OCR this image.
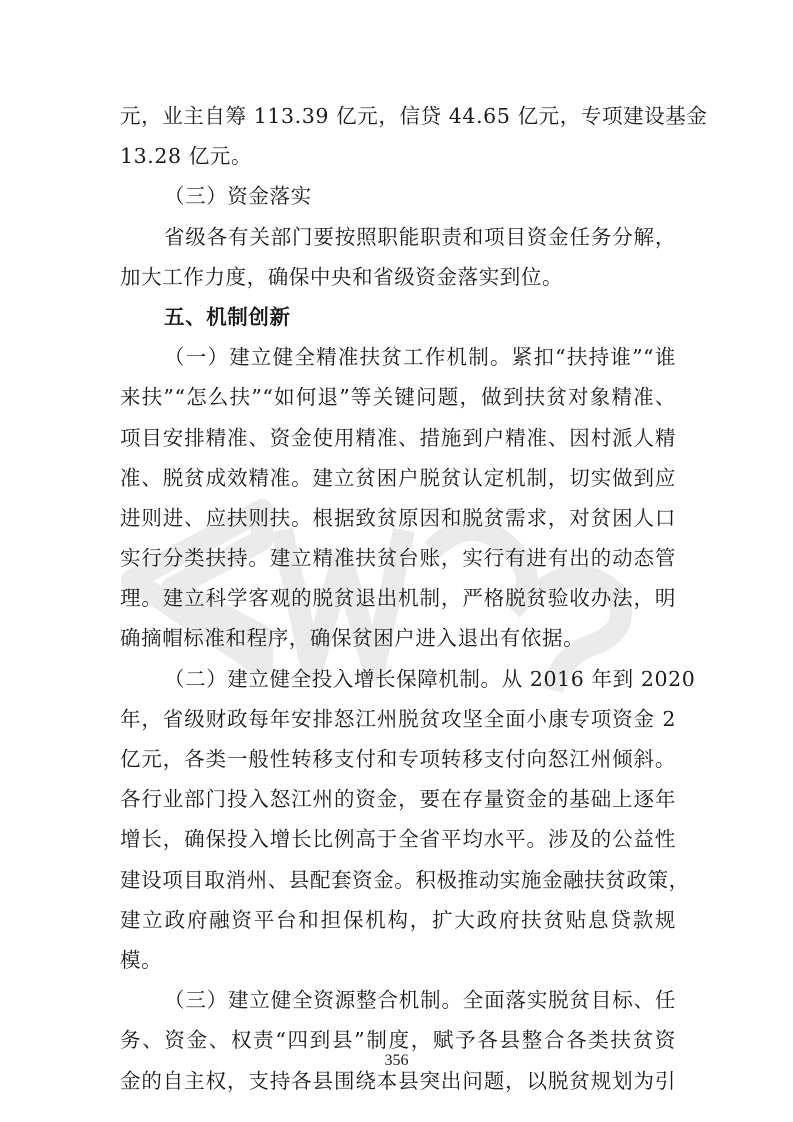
元，业主自筹 113.39 亿元，信贷 44.65 亿元，专项建设基金
13.28 亿元。
（三）资金落实
省级各有关部门要按照职能职责和项目资金任务分解，
加大工作力度，确保中央和省级资金落实到位。
五、机制创新
（一）建立健全精准扶贫工作机制。紧扣“扶持谁”“谁
来扶”“怎么扶”“如何退”等关键问题，做到扶贫对象精准、
项目安排精准、资金使用精准、措施到户精准、因村派人精
准、脱贫成效精准。建立贫困户脱贫认定机制，切实做到应
进则进、应扶则扶。根据致贫原因和脱贫需求，对贫困人口
实行分类扶持。建立精准扶贫台账，实行有进有出的动态管
理。建立科学客观的脱贫退出机制，严格脱贫验收办法，明
确摘帽标准和程序，确保贫困户进入退出有依据。
（二）建立健全投入增长保障机制。从 2016 年到 2020
年，省级财政每年安排怒江州脱贫攻坚全面小康专项资金 2
亿元，各类一般性转移支付和专项转移支付向怒江州倾斜。
各行业部门投入怒江州的资金，要在存量资金的基础上逐年
增长，确保投入增长比例高于全省平均水平。涉及的公益性
建设项目取消州、县配套资金。积极推动实施金融扶贫政策，
建立政府融资平台和担保机构，扩大政府扶贫贴息贷款规
模。
（三）建立健全资源整合机制。全面落实脱贫目标、任
务、资金、权责“四到县”制度，赋予各县整合各类扶贫资
金的自主权，支持各县围绕本县突出问题，以脱贫规划为引
356
